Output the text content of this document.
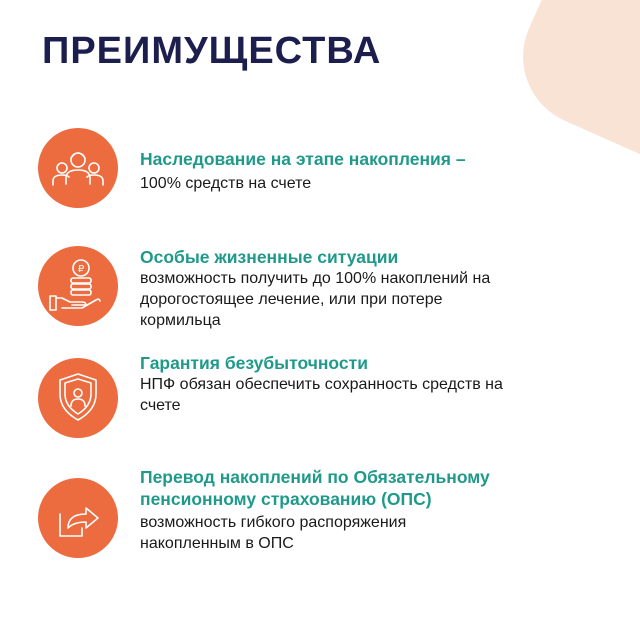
ПРЕИМУЩЕСТВА
Наследование на этапе накопления –
100% средств на счете
₽
Особые жизненные ситуации
возможность получить до 100% накоплений на дорогостоящее лечение, или при потере кормильца
Гарантия безубыточности
НПФ обязан обеспечить сохранность средств на счете
Перевод накоплений по Обязательному пенсионному страхованию (ОПС)
возможность гибкого распоряжения накопленным в ОПС
